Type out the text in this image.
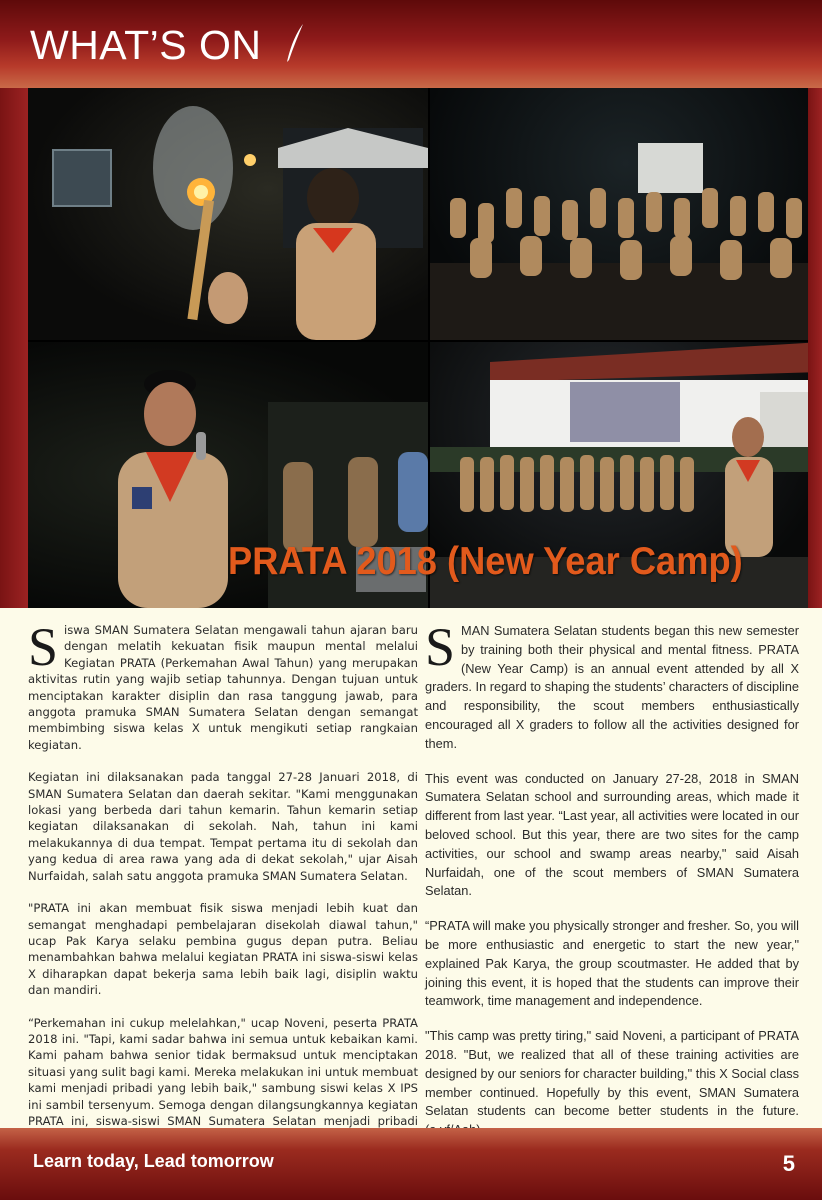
WHAT’S ON
PRATA 2018 (New Year Camp)

Siswa SMAN Sumatera Selatan mengawali tahun ajaran baru dengan melatih kekuatan fisik maupun mental melalui Kegiatan PRATA (Perkemahan Awal Tahun) yang merupakan aktivitas rutin yang wajib setiap tahunnya. Dengan tujuan untuk menciptakan karakter disiplin dan rasa tanggung jawab, para anggota pramuka SMAN Sumatera Selatan dengan semangat membimbing siswa kelas X untuk mengikuti setiap rangkaian kegiatan.

Kegiatan ini dilaksanakan pada tanggal 27-28 Januari 2018, di SMAN Sumatera Selatan dan daerah sekitar. "Kami menggunakan lokasi yang berbeda dari tahun kemarin. Tahun kemarin setiap kegiatan dilaksanakan di sekolah. Nah, tahun ini kami melakukannya di dua tempat. Tempat pertama itu di sekolah dan yang kedua di area rawa yang ada di dekat sekolah," ujar Aisah Nurfaidah, salah satu anggota pramuka SMAN Sumatera Selatan.

"PRATA ini akan membuat fisik siswa menjadi lebih kuat dan semangat menghadapi pembelajaran disekolah diawal tahun," ucap Pak Karya selaku pembina gugus depan putra. Beliau menambahkan bahwa melalui kegiatan PRATA ini siswa-siswi kelas X diharapkan dapat bekerja sama lebih baik lagi, disiplin waktu dan mandiri.

“Perkemahan ini cukup melelahkan," ucap Noveni, peserta PRATA 2018 ini. "Tapi, kami sadar bahwa ini semua untuk kebaikan kami. Kami paham bahwa senior tidak bermaksud untuk menciptakan situasi yang sulit bagi kami. Mereka melakukan ini untuk membuat kami menjadi pribadi yang lebih baik," sambung siswi kelas X IPS ini sambil tersenyum. Semoga dengan dilangsungkannya kegiatan PRATA ini, siswa-siswi SMAN Sumatera Selatan menjadi pribadi

SMAN Sumatera Selatan students began this new semester by training both their physical and mental fitness. PRATA (New Year Camp) is an annual event attended by all X graders. In regard to shaping the students’ characters of discipline and responsibility, the scout members enthusiastically encouraged all X graders to follow all the activities designed for them.

This event was conducted on January 27-28, 2018 in SMAN Sumatera Selatan school and surrounding areas, which made it different from last year. “Last year, all activities were located in our beloved school. But this year, there are two sites for the camp activities, our school and swamp areas nearby," said Aisah Nurfaidah, one of the scout members of SMAN Sumatera Selatan.

“PRATA will make you physically stronger and fresher. So, you will be more enthusiastic and energetic to start the new year," explained Pak Karya, the group scoutmaster. He added that by joining this event, it is hoped that the students can improve their teamwork, time management and independence.

"This camp was pretty tiring," said Noveni, a participant of PRATA 2018. "But, we realized that all of these training activities are designed by our seniors for character building," this X Social class member continued. Hopefully by this event, SMAN Sumatera Selatan students can become better students in the future.

Learn today, Lead tomorrow	5
